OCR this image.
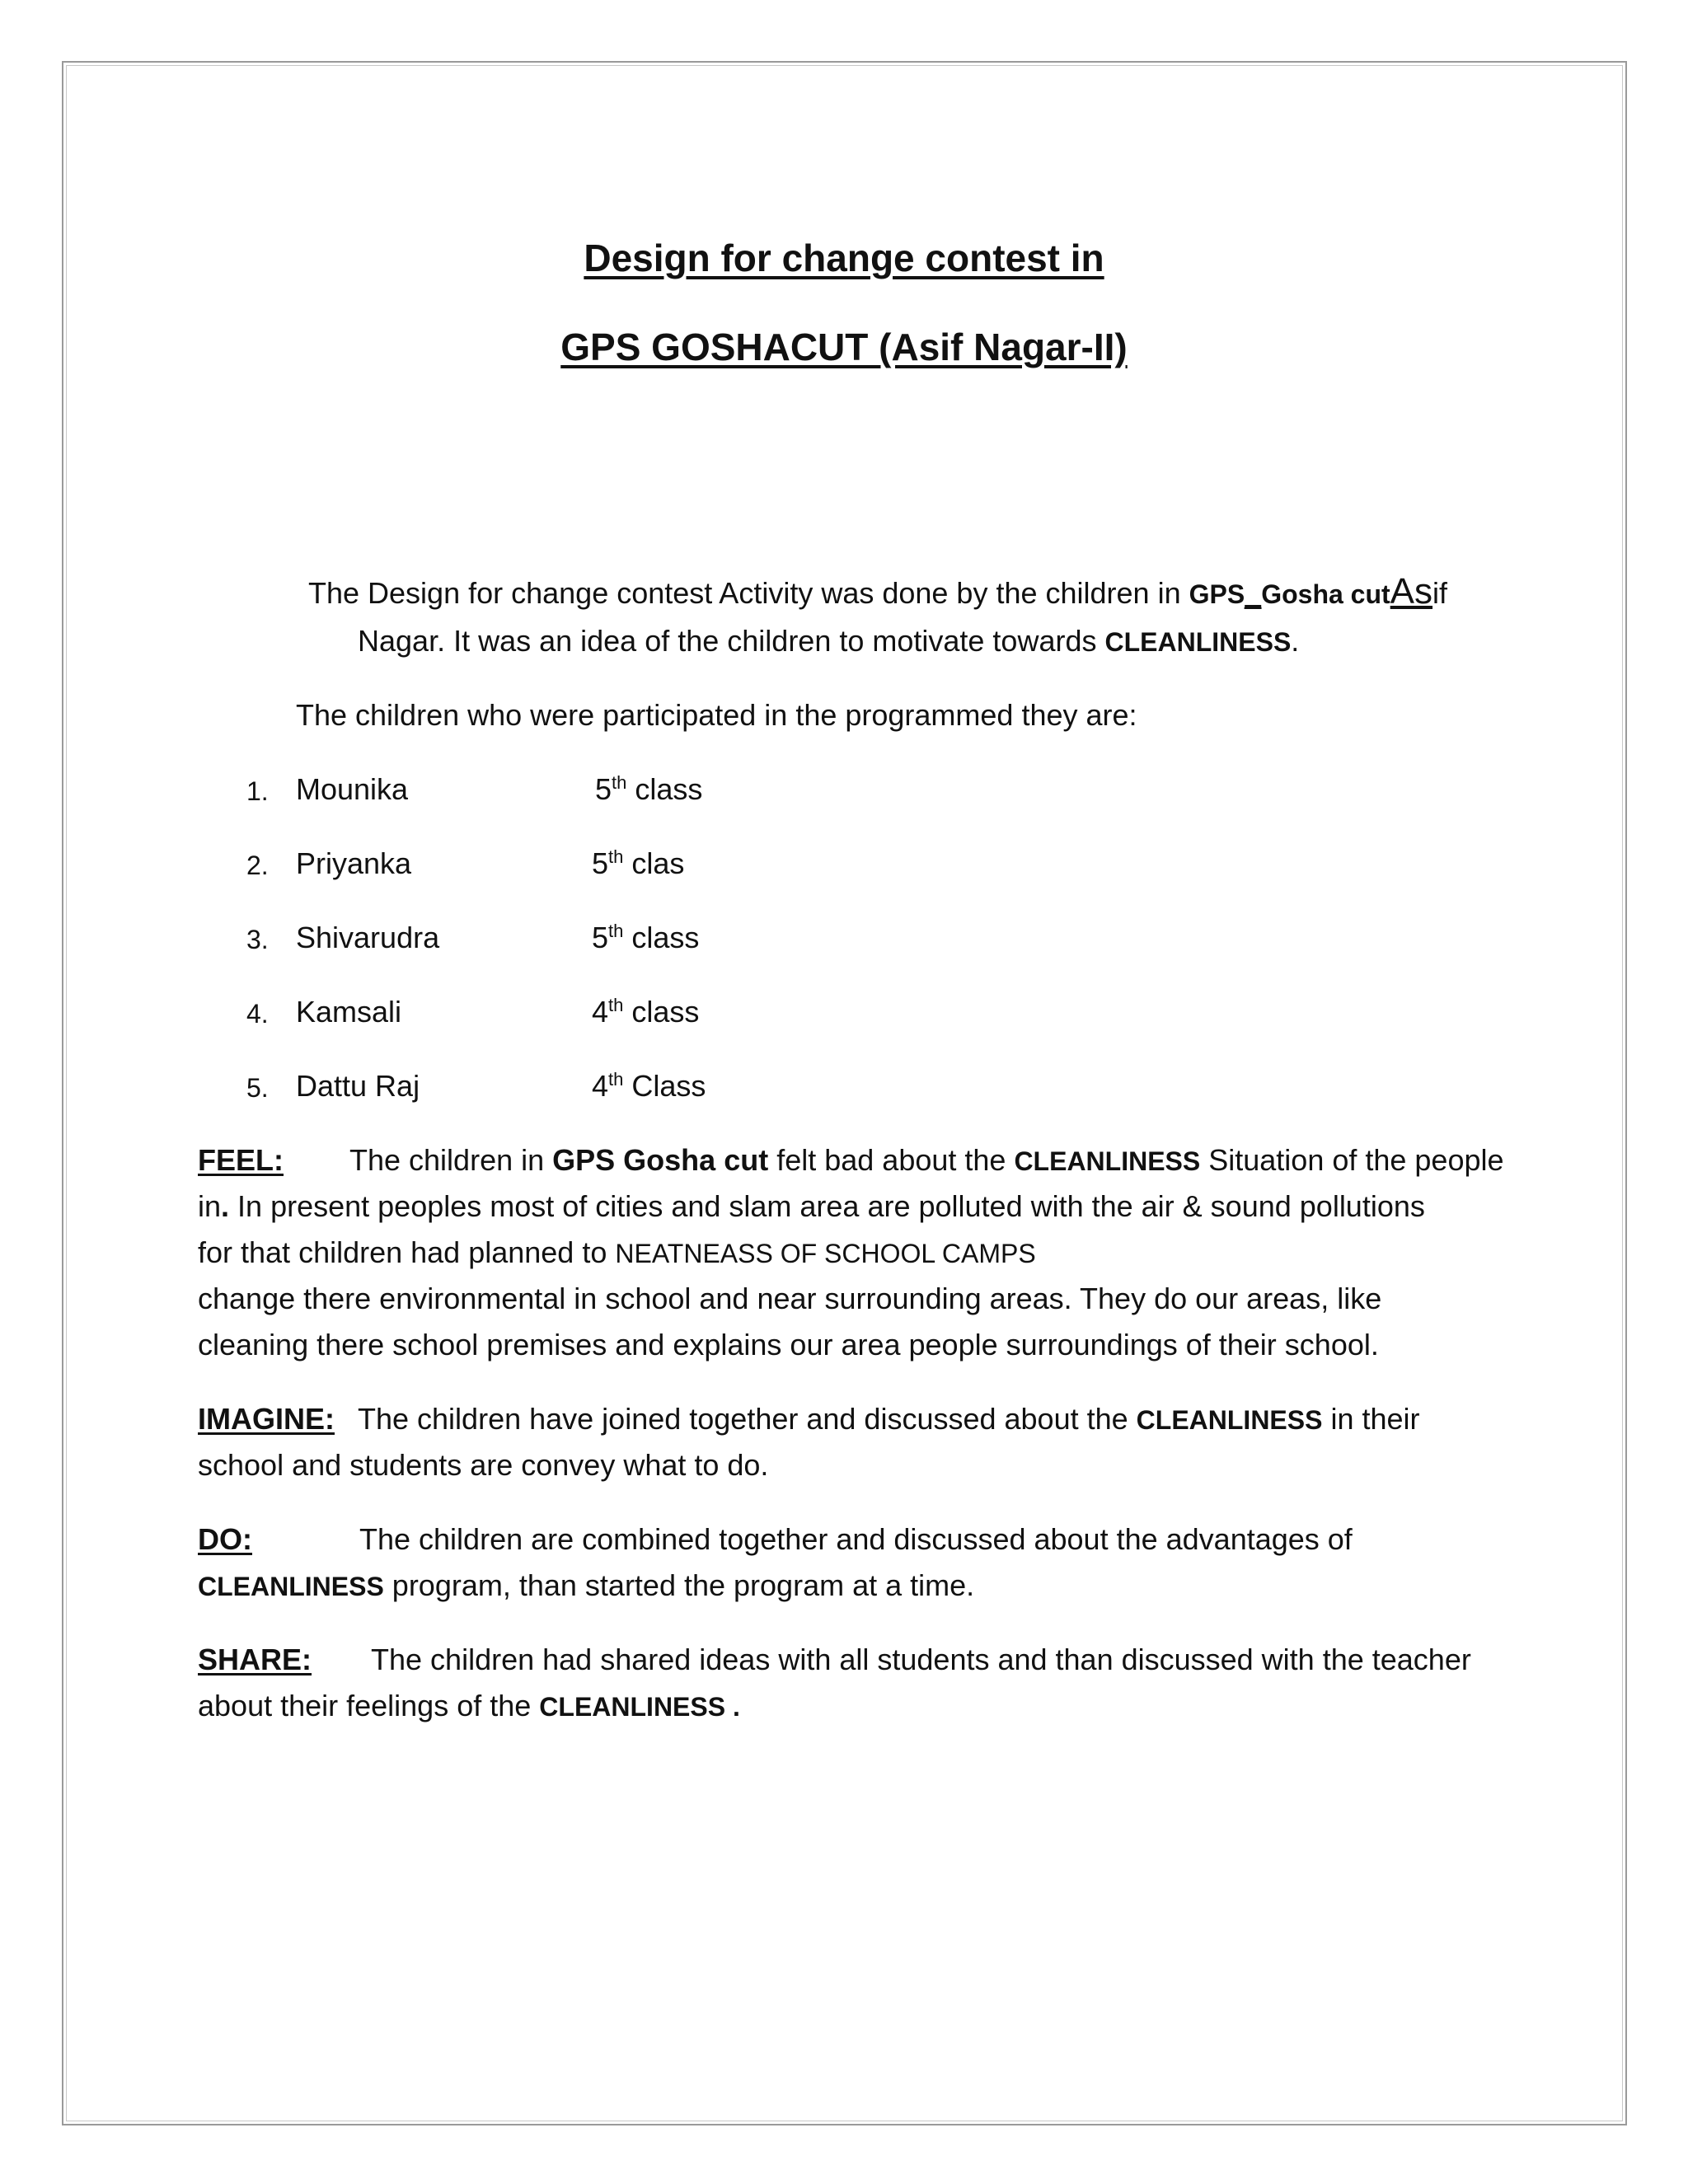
Design for change contest in
GPS GOSHACUT (Asif Nagar-II)
The Design for change contest Activity was done by the children in GPS_Gosha cutAsif
Nagar. It was an idea of the children to motivate towards CLEANLINESS.
The children who were participated in the programmed they are:
1. Mounika	5th class
2. Priyanka	5th clas
3. Shivarudra	5th class
4. Kamsali	4th class
5. Dattu Raj	4th Class
FEEL: The children in GPS Gosha cut felt bad about the CLEANLINESS Situation of the people
in. In present peoples most of cities and slam area are polluted with the air & sound pollutions
for that children had planned to NEATNEASS OF SCHOOL CAMPS
change there environmental in school and near surrounding areas. They do our areas, like
cleaning there school premises and explains our area people surroundings of their school.
IMAGINE: The children have joined together and discussed about the CLEANLINESS in their
school and students are convey what to do.
DO:	The children are combined together and discussed about the advantages of
CLEANLINESS program, than started the program at a time.
SHARE: The children had shared ideas with all students and than discussed with the teacher
about their feelings of the CLEANLINESS .
